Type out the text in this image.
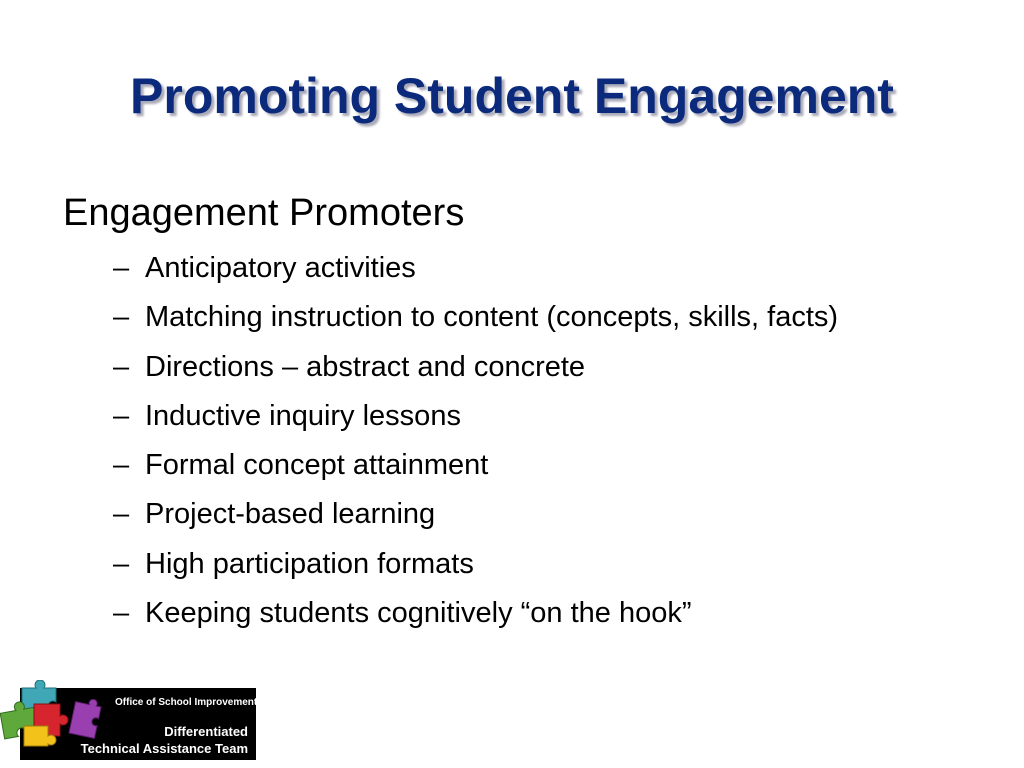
Promoting Student Engagement
Engagement Promoters
– Anticipatory activities
– Matching instruction to content (concepts, skills, facts)
– Directions – abstract and concrete
– Inductive inquiry lessons
– Formal concept attainment
– Project-based learning
– High participation formats
– Keeping students cognitively “on the hook”
Office of School Improvement
Differentiated
Technical Assistance Team
